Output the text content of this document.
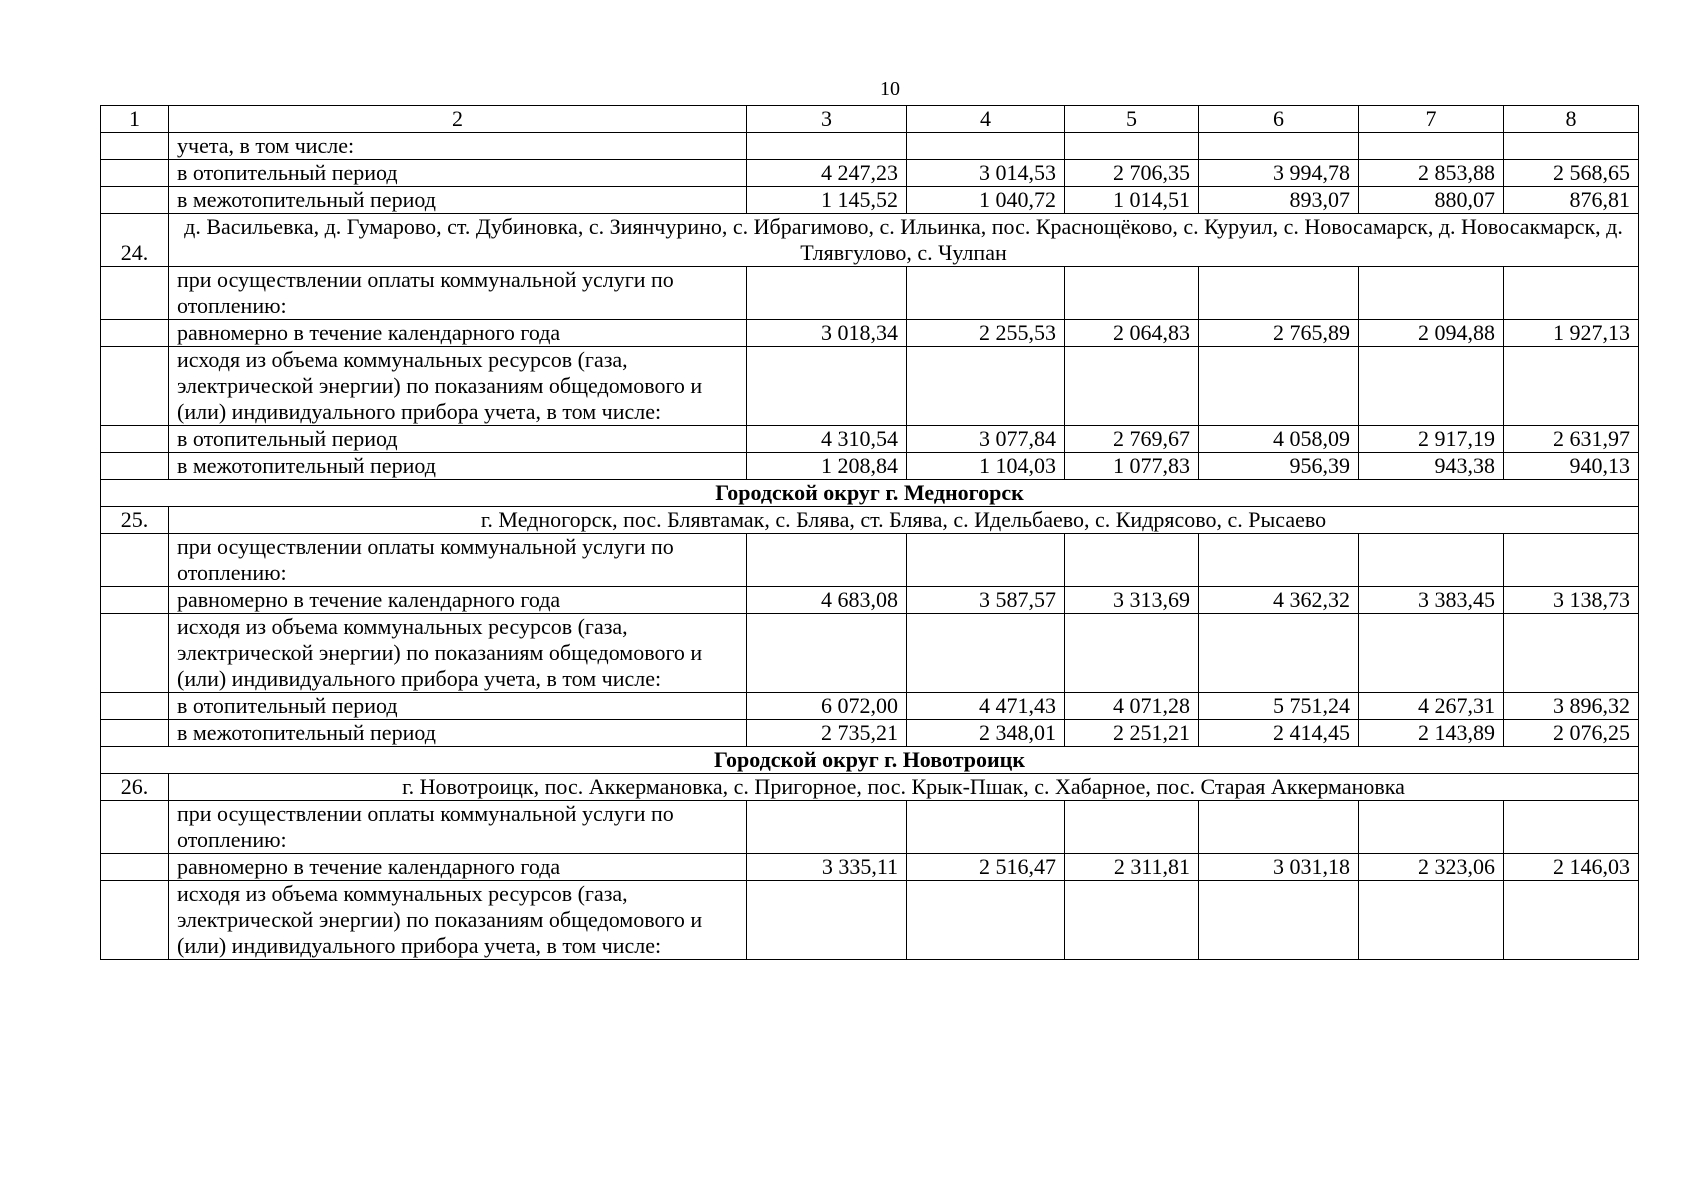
10
1	2	3	4	5	6	7	8
	учета, в том числе:						
	в отопительный период	4 247,23	3 014,53	2 706,35	3 994,78	2 853,88	2 568,65
	в межотопительный период	1 145,52	1 040,72	1 014,51	893,07	880,07	876,81
24.	д. Васильевка, д. Гумарово, ст. Дубиновка, с. Зиянчурино, с. Ибрагимово, с. Ильинка, пос. Краснощёково, с. Куруил, с. Новосамарск, д. Новосакмарск, д. Тлявгулово, с. Чулпан						
	при осуществлении оплаты коммунальной услуги по отоплению:						
	равномерно в течение календарного года	3 018,34	2 255,53	2 064,83	2 765,89	2 094,88	1 927,13
	исходя из объема коммунальных ресурсов (газа, электрической энергии) по показаниям общедомового и (или) индивидуального прибора учета, в том числе:						
	в отопительный период	4 310,54	3 077,84	2 769,67	4 058,09	2 917,19	2 631,97
	в межотопительный период	1 208,84	1 104,03	1 077,83	956,39	943,38	940,13
Городской округ г. Медногорск							
25.	г. Медногорск, пос. Блявтамак, с. Блява, ст. Блява, с. Идельбаево, с. Кидрясово, с. Рысаево						
	при осуществлении оплаты коммунальной услуги по отоплению:						
	равномерно в течение календарного года	4 683,08	3 587,57	3 313,69	4 362,32	3 383,45	3 138,73
	исходя из объема коммунальных ресурсов (газа, электрической энергии) по показаниям общедомового и (или) индивидуального прибора учета, в том числе:						
	в отопительный период	6 072,00	4 471,43	4 071,28	5 751,24	4 267,31	3 896,32
	в межотопительный период	2 735,21	2 348,01	2 251,21	2 414,45	2 143,89	2 076,25
Городской округ г. Новотроицк							
26.	г. Новотроицк, пос. Аккермановка, с. Пригорное, пос. Крык-Пшак, с. Хабарное, пос. Старая Аккермановка						
	при осуществлении оплаты коммунальной услуги по отоплению:						
	равномерно в течение календарного года	3 335,11	2 516,47	2 311,81	3 031,18	2 323,06	2 146,03
	исходя из объема коммунальных ресурсов (газа, электрической энергии) по показаниям общедомового и (или) индивидуального прибора учета, в том числе:						
